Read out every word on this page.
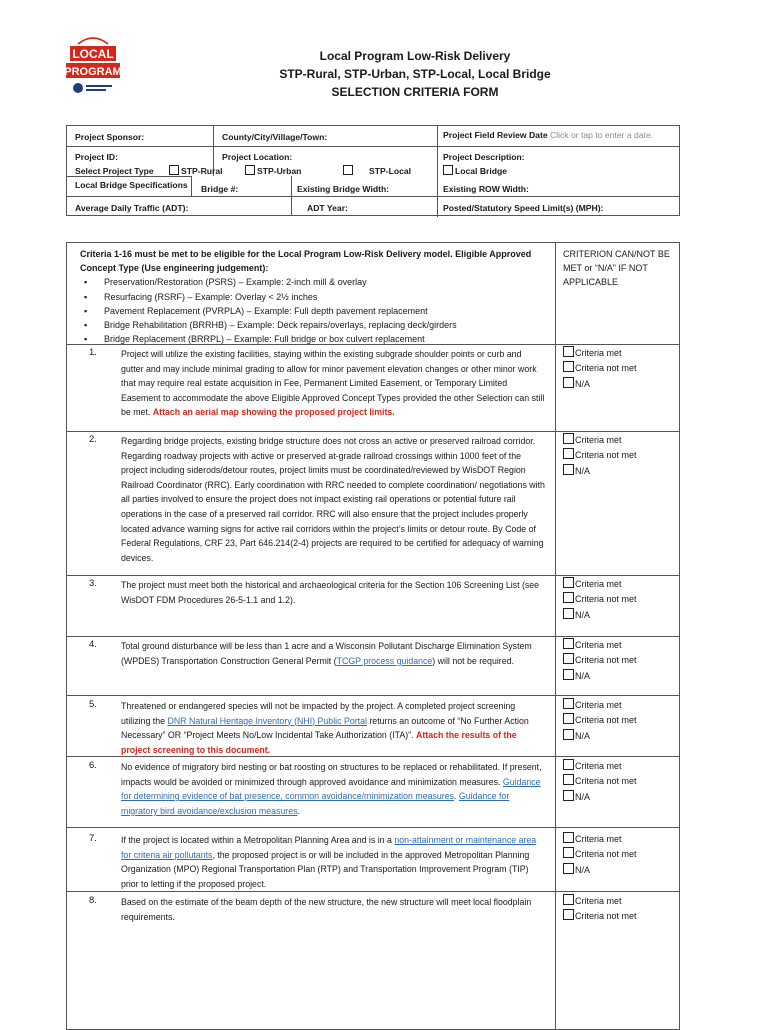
LOCAL
PROGRAM
Local Program Low-Risk Delivery
STP-Rural, STP-Urban, STP-Local, Local Bridge
SELECTION CRITERIA FORM
Project Sponsor:	County/City/Village/Town:	Project Field Review Date Click or tap to enter a date.
Project ID:	Project Location:	Project Description:
Select Project Type	STP-Rural	STP-Urban	STP-Local	Local Bridge
Local Bridge Specifications Bridge #:	Existing Bridge Width:	Existing ROW Width:
Average Daily Traffic (ADT):	ADT Year:	Posted/Statutory Speed Limit(s) (MPH):
Criteria 1-16 must be met to be eligible for the Local Program Low-Risk Delivery model. Eligible Approved Concept Type (Use engineering judgement):
▪ Preservation/Restoration (PSRS) – Example: 2-inch mill & overlay
▪ Resurfacing (RSRF) – Example: Overlay < 2½ inches
▪ Pavement Replacement (PVRPLA) – Example: Full depth pavement replacement
▪ Bridge Rehabilitation (BRRHB) – Example: Deck repairs/overlays, replacing deck/girders
▪ Bridge Replacement (BRRPL) – Example: Full bridge or box culvert replacement
CRITERION CAN/NOT BE MET or “N/A” IF NOT APPLICABLE
1.	Project will utilize the existing facilities, staying within the existing subgrade shoulder points or curb and gutter and may include minimal grading to allow for minor pavement elevation changes or other minor work that may require real estate acquisition in Fee, Permanent Limited Easement, or Temporary Limited Easement to accommodate the above Eligible Approved Concept Types provided the other Selection can still be met. Attach an aerial map showing the proposed project limits.
Criteria met
Criteria not met
N/A
2.	Regarding bridge projects, existing bridge structure does not cross an active or preserved railroad corridor. Regarding roadway projects with active or preserved at-grade railroad crossings within 1000 feet of the project including siderods/detour routes, project limits must be coordinated/reviewed by WisDOT Region Railroad Coordinator (RRC). Early coordination with RRC needed to complete coordination/ negotiations with all parties involved to ensure the project does not impact existing rail operations or potential future rail operations in the case of a preserved rail corridor. RRC will also ensure that the project includes properly located advance warning signs for active rail corridors within the project’s limits or detour route. By Code of Federal Regulations, CRF 23, Part 646.214(2-4) projects are required to be certified for adequacy of warning devices.
Criteria met
Criteria not met
N/A
3.	The project must meet both the historical and archaeological criteria for the Section 106 Screening List (see WisDOT FDM Procedures 26-5-1.1 and 1.2).
Criteria met
Criteria not met
N/A
4.	Total ground disturbance will be less than 1 acre and a Wisconsin Pollutant Discharge Elimination System (WPDES) Transportation Construction General Permit (TCGP process guidance) will not be required.
Criteria met
Criteria not met
N/A
5.	Threatened or endangered species will not be impacted by the project. A completed project screening utilizing the DNR Natural Heritage Inventory (NHI) Public Portal returns an outcome of “No Further Action Necessary” OR “Project Meets No/Low Incidental Take Authorization (ITA)”. Attach the results of the project screening to this document.
Criteria met
Criteria not met
N/A
6.	No evidence of migratory bird nesting or bat roosting on structures to be replaced or rehabilitated. If present, impacts would be avoided or minimized through approved avoidance and minimization measures. Guidance for determining evidence of bat presence, common avoidance/minimization measures. Guidance for migratory bird avoidance/exclusion measures.
Criteria met
Criteria not met
N/A
7.	If the project is located within a Metropolitan Planning Area and is in a non-attainment or maintenance area for criteria air pollutants, the proposed project is or will be included in the approved Metropolitan Planning Organization (MPO) Regional Transportation Plan (RTP) and Transportation Improvement Program (TIP) prior to letting if the proposed project.
Criteria met
Criteria not met
N/A
8.	Based on the estimate of the beam depth of the new structure, the new structure will meet local floodplain requirements.
Criteria met
Criteria not met
